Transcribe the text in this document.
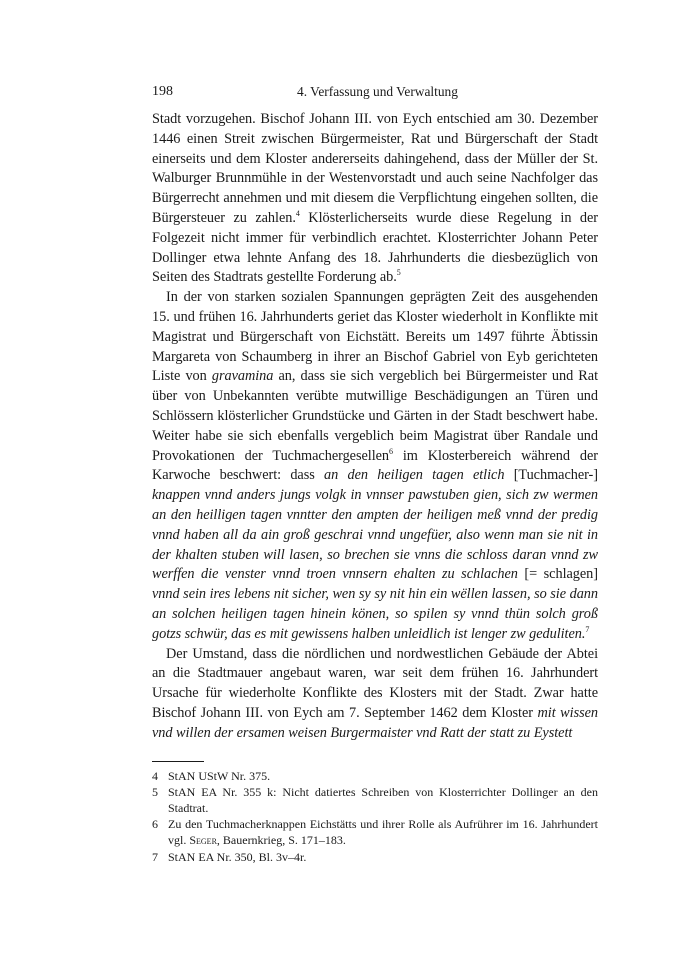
198	4. Verfassung und Verwaltung

Stadt vorzugehen. Bischof Johann III. von Eych entschied am 30. Dezember 1446 einen Streit zwischen Bürgermeister, Rat und Bürgerschaft der Stadt einerseits und dem Kloster andererseits dahingehend, dass der Müller der St. Walburger Brunnmühle in der Westenvorstadt und auch seine Nachfolger das Bürgerrecht annehmen und mit diesem die Verpflichtung eingehen sollten, die Bürgersteuer zu zahlen.$^4$ Klösterlicherseits wurde diese Regelung in der Folgezeit nicht immer für verbindlich erachtet. Klosterrichter Johann Peter Dollinger etwa lehnte Anfang des 18. Jahrhunderts die diesbezüglich von Seiten des Stadtrats gestellte Forderung ab.$^5$

In der von starken sozialen Spannungen geprägten Zeit des ausgehenden 15. und frühen 16. Jahrhunderts geriet das Kloster wiederholt in Konflikte mit Magistrat und Bürgerschaft von Eichstätt. Bereits um 1497 führte Äbtissin Margareta von Schaumberg in ihrer an Bischof Gabriel von Eyb gerichteten Liste von gravamina an, dass sie sich vergeblich bei Bürgermeister und Rat über von Unbekannten verübte mutwillige Beschädigungen an Türen und Schlössern klösterlicher Grundstücke und Gärten in der Stadt beschwert habe. Weiter habe sie sich ebenfalls vergeblich beim Magistrat über Randale und Provokationen der Tuchmachergesellen$^6$ im Klosterbereich während der Karwoche beschwert: dass an den heiligen tagen etlich [Tuchmacher-] knappen vnnd anders jungs volgk in vnnser pawstuben gien, sich zw wermen an den heilligen tagen vnntter den ampten der heiligen meß vnnd der predig vnnd haben all da ain groß geschrai vnnd ungefüer, also wenn man sie nit in der khalten stuben will lasen, so brechen sie vnns die schloss daran vnnd zw werffen die venster vnnd troen vnnsern ehalten zu schlachen [= schlagen] vnnd sein ires lebens nit sicher, wen sy sy nit hin ein wëllen lassen, so sie dann an solchen heiligen tagen hinein könen, so spilen sy vnnd thün solch groß gotzs schwür, das es mit gewissens halben unleidlich ist lenger zw geduliten.$^7$

Der Umstand, dass die nördlichen und nordwestlichen Gebäude der Abtei an die Stadtmauer angebaut waren, war seit dem frühen 16. Jahrhundert Ursache für wiederholte Konflikte des Klosters mit der Stadt. Zwar hatte Bischof Johann III. von Eych am 7. September 1462 dem Kloster mit wissen vnd willen der ersamen weisen Burgermaister vnd Ratt der statt zu Eystett

4 StAN UStW Nr. 375.
5 StAN EA Nr. 355 k: Nicht datiertes Schreiben von Klosterrichter Dollinger an den Stadtrat.
6 Zu den Tuchmacherknappen Eichstätts und ihrer Rolle als Aufrührer im 16. Jahrhundert vgl. Seger, Bauernkrieg, S. 171–183.
7 StAN EA Nr. 350, Bl. 3v–4r.
